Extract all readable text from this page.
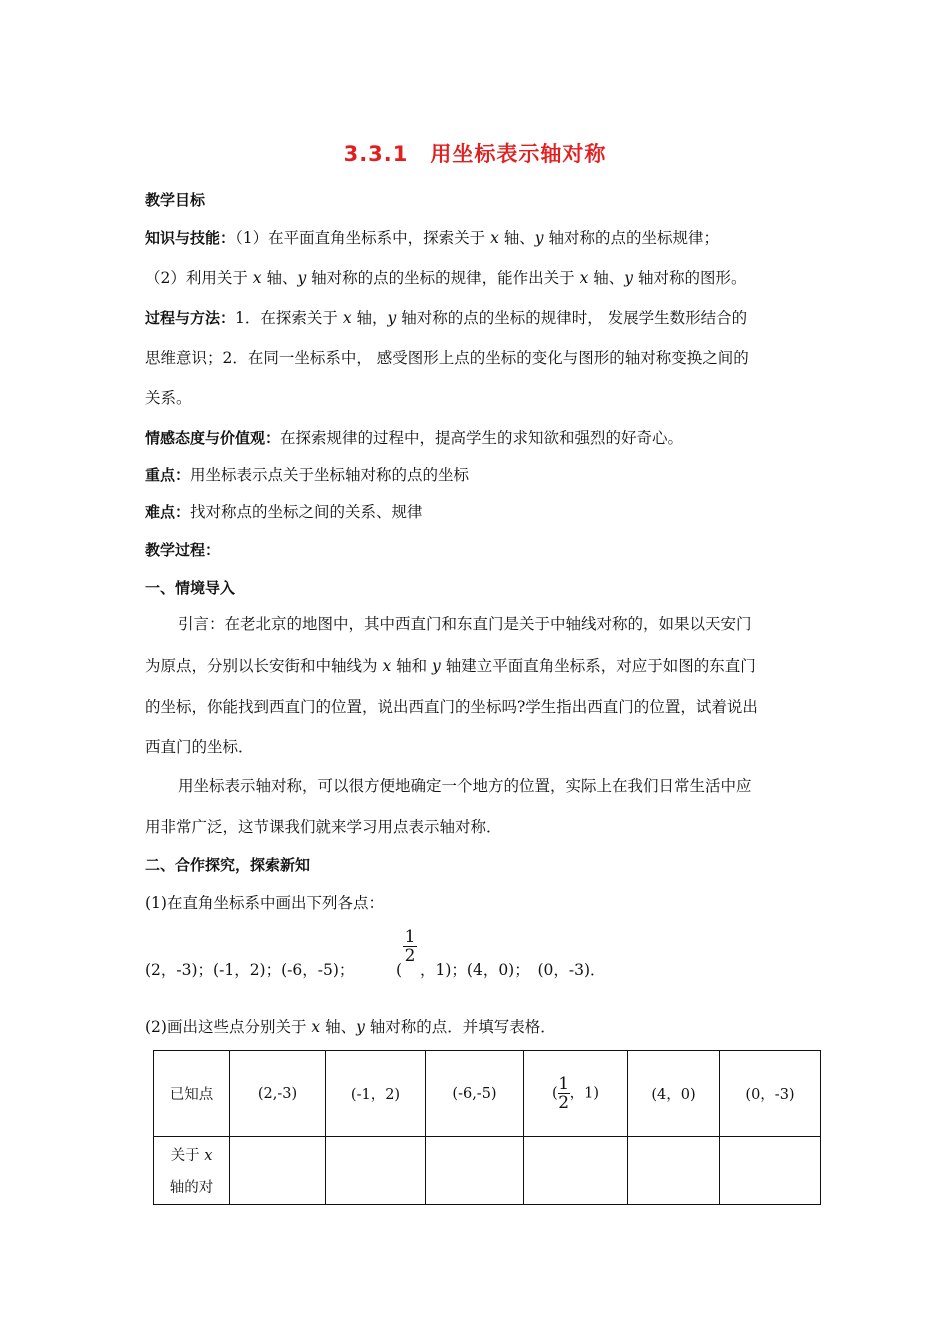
3.3.1　用坐标表示轴对称
教学目标
知识与技能：（1）在平面直角坐标系中，探索关于 x 轴、y 轴对称的点的坐标规律；
（2）利用关于 x 轴、y 轴对称的点的坐标的规律，能作出关于 x 轴、y 轴对称的图形。
过程与方法：1．在探索关于 x 轴，y 轴对称的点的坐标的规律时， 发展学生数形结合的
思维意识；2．在同一坐标系中， 感受图形上点的坐标的变化与图形的轴对称变换之间的
关系。
情感态度与价值观：在探索规律的过程中，提高学生的求知欲和强烈的好奇心。
重点：用坐标表示点关于坐标轴对称的点的坐标
难点：找对称点的坐标之间的关系、规律
教学过程：
一、情境导入
引言：在老北京的地图中，其中西直门和东直门是关于中轴线对称的，如果以天安门
为原点，分别以长安街和中轴线为 x 轴和 y 轴建立平面直角坐标系，对应于如图的东直门
的坐标，你能找到西直门的位置，说出西直门的坐标吗?学生指出西直门的位置，试着说出
西直门的坐标．
用坐标表示轴对称，可以很方便地确定一个地方的位置，实际上在我们日常生活中应
用非常广泛，这节课我们就来学习用点表示轴对称．
二、合作探究，探索新知
(1)在直角坐标系中画出下列各点：
(2，-3)；(-1，2)；(-6，-5)；
$\frac{1}{2}$
( ，1)；(4，0)；　(0，-3)．
(2)画出这些点分别关于 x 轴、y 轴对称的点．并填写表格．
已知点	(2,-3)	(-1，2)	(-6,-5)	( $\frac{1}{2}$ ，1)	(4，0)	(0，-3)
关于 x
轴的对						
